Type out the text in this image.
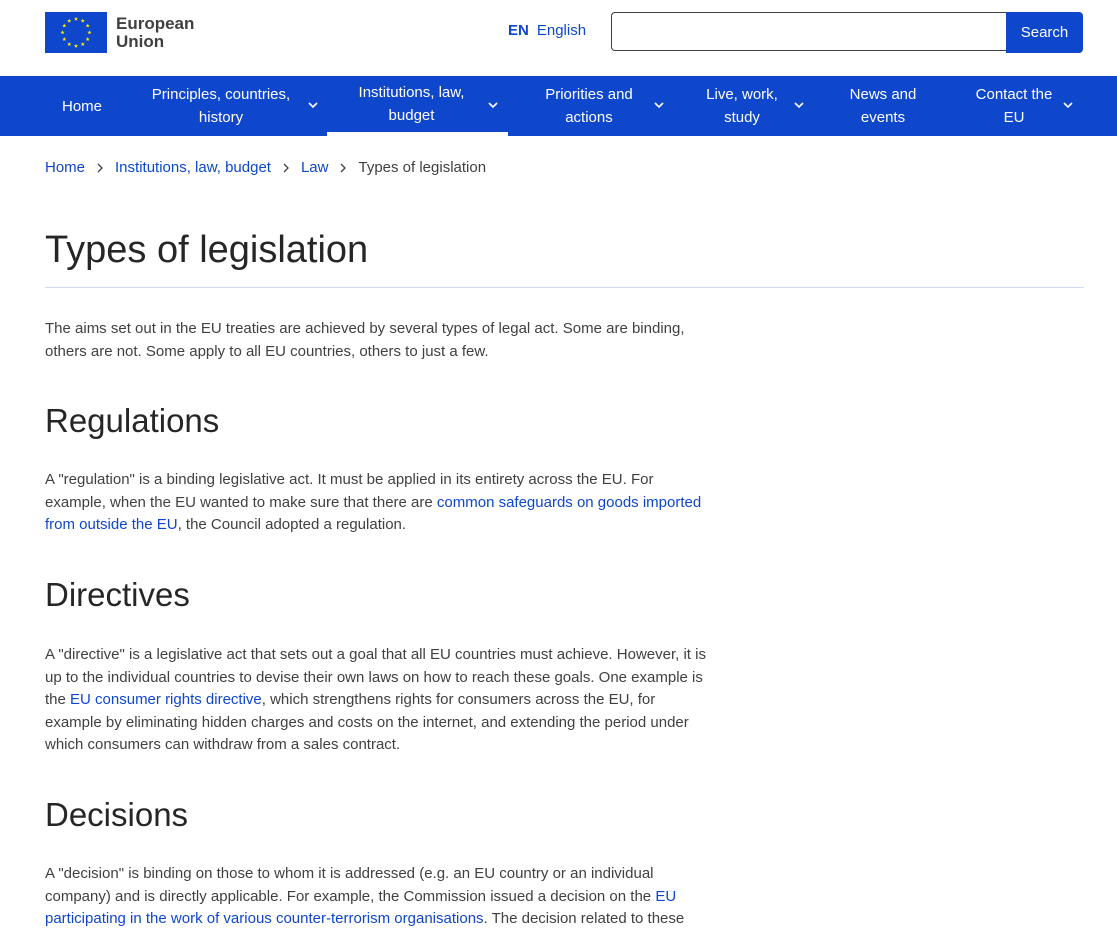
European
Union
EN English	Search
Home
Principles, countries,
history
Institutions, law,
budget
Priorities and
actions
Live, work,
study
News and
events
Contact the
EU
Home Institutions, law, budget Law Types of legislation
Types of legislation

The aims set out in the EU treaties are achieved by several types of legal act. Some are binding, others are not. Some apply to all EU countries, others to just a few.

Regulations

A "regulation" is a binding legislative act. It must be applied in its entirety across the EU. For example, when the EU wanted to make sure that there are common safeguards on goods imported from outside the EU, the Council adopted a regulation.

Directives

A "directive" is a legislative act that sets out a goal that all EU countries must achieve. However, it is up to the individual countries to devise their own laws on how to reach these goals. One example is the EU consumer rights directive, which strengthens rights for consumers across the EU, for example by eliminating hidden charges and costs on the internet, and extending the period under which consumers can withdraw from a sales contract.

Decisions

A "decision" is binding on those to whom it is addressed (e.g. an EU country or an individual company) and is directly applicable. For example, the Commission issued a decision on the EU participating in the work of various counter-terrorism organisations. The decision related to these
